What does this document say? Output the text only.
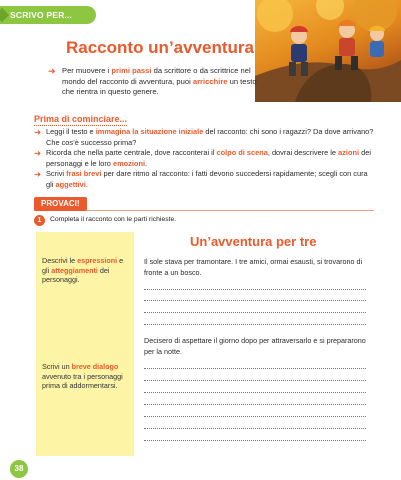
SCRIVO PER...
Racconto un’avventura
➜ Per muovere i primi passi da scrittore o da scrittrice nel mondo del racconto di avventura, puoi arricchire un testo che rientra in questo genere.
Prima di cominciare...
➜ Leggi il testo e immagina la situazione iniziale del racconto: chi sono i ragazzi? Da dove arrivano? Che cos’è successo prima?
➜ Ricorda che nella parte centrale, dove racconterai il colpo di scena, dovrai descrivere le azioni dei personaggi e le loro emozioni.
➜ Scrivi frasi brevi per dare ritmo al racconto: i fatti devono succedersi rapidamente; scegli con cura gli aggettivi.
PROVACI!
1	Completa il racconto con le parti richieste.
Descrivi le espressioni e gli atteggiamenti dei personaggi.
Scrivi un breve dialogo avvenuto tra i personaggi prima di addormentarsi.
Un’avventura per tre
Il sole stava per tramontare. I tre amici, ormai esausti, si trovarono di fronte a un bosco.
Decisero di aspettare il giorno dopo per attraversarlo e si prepararono per la notte.
38
